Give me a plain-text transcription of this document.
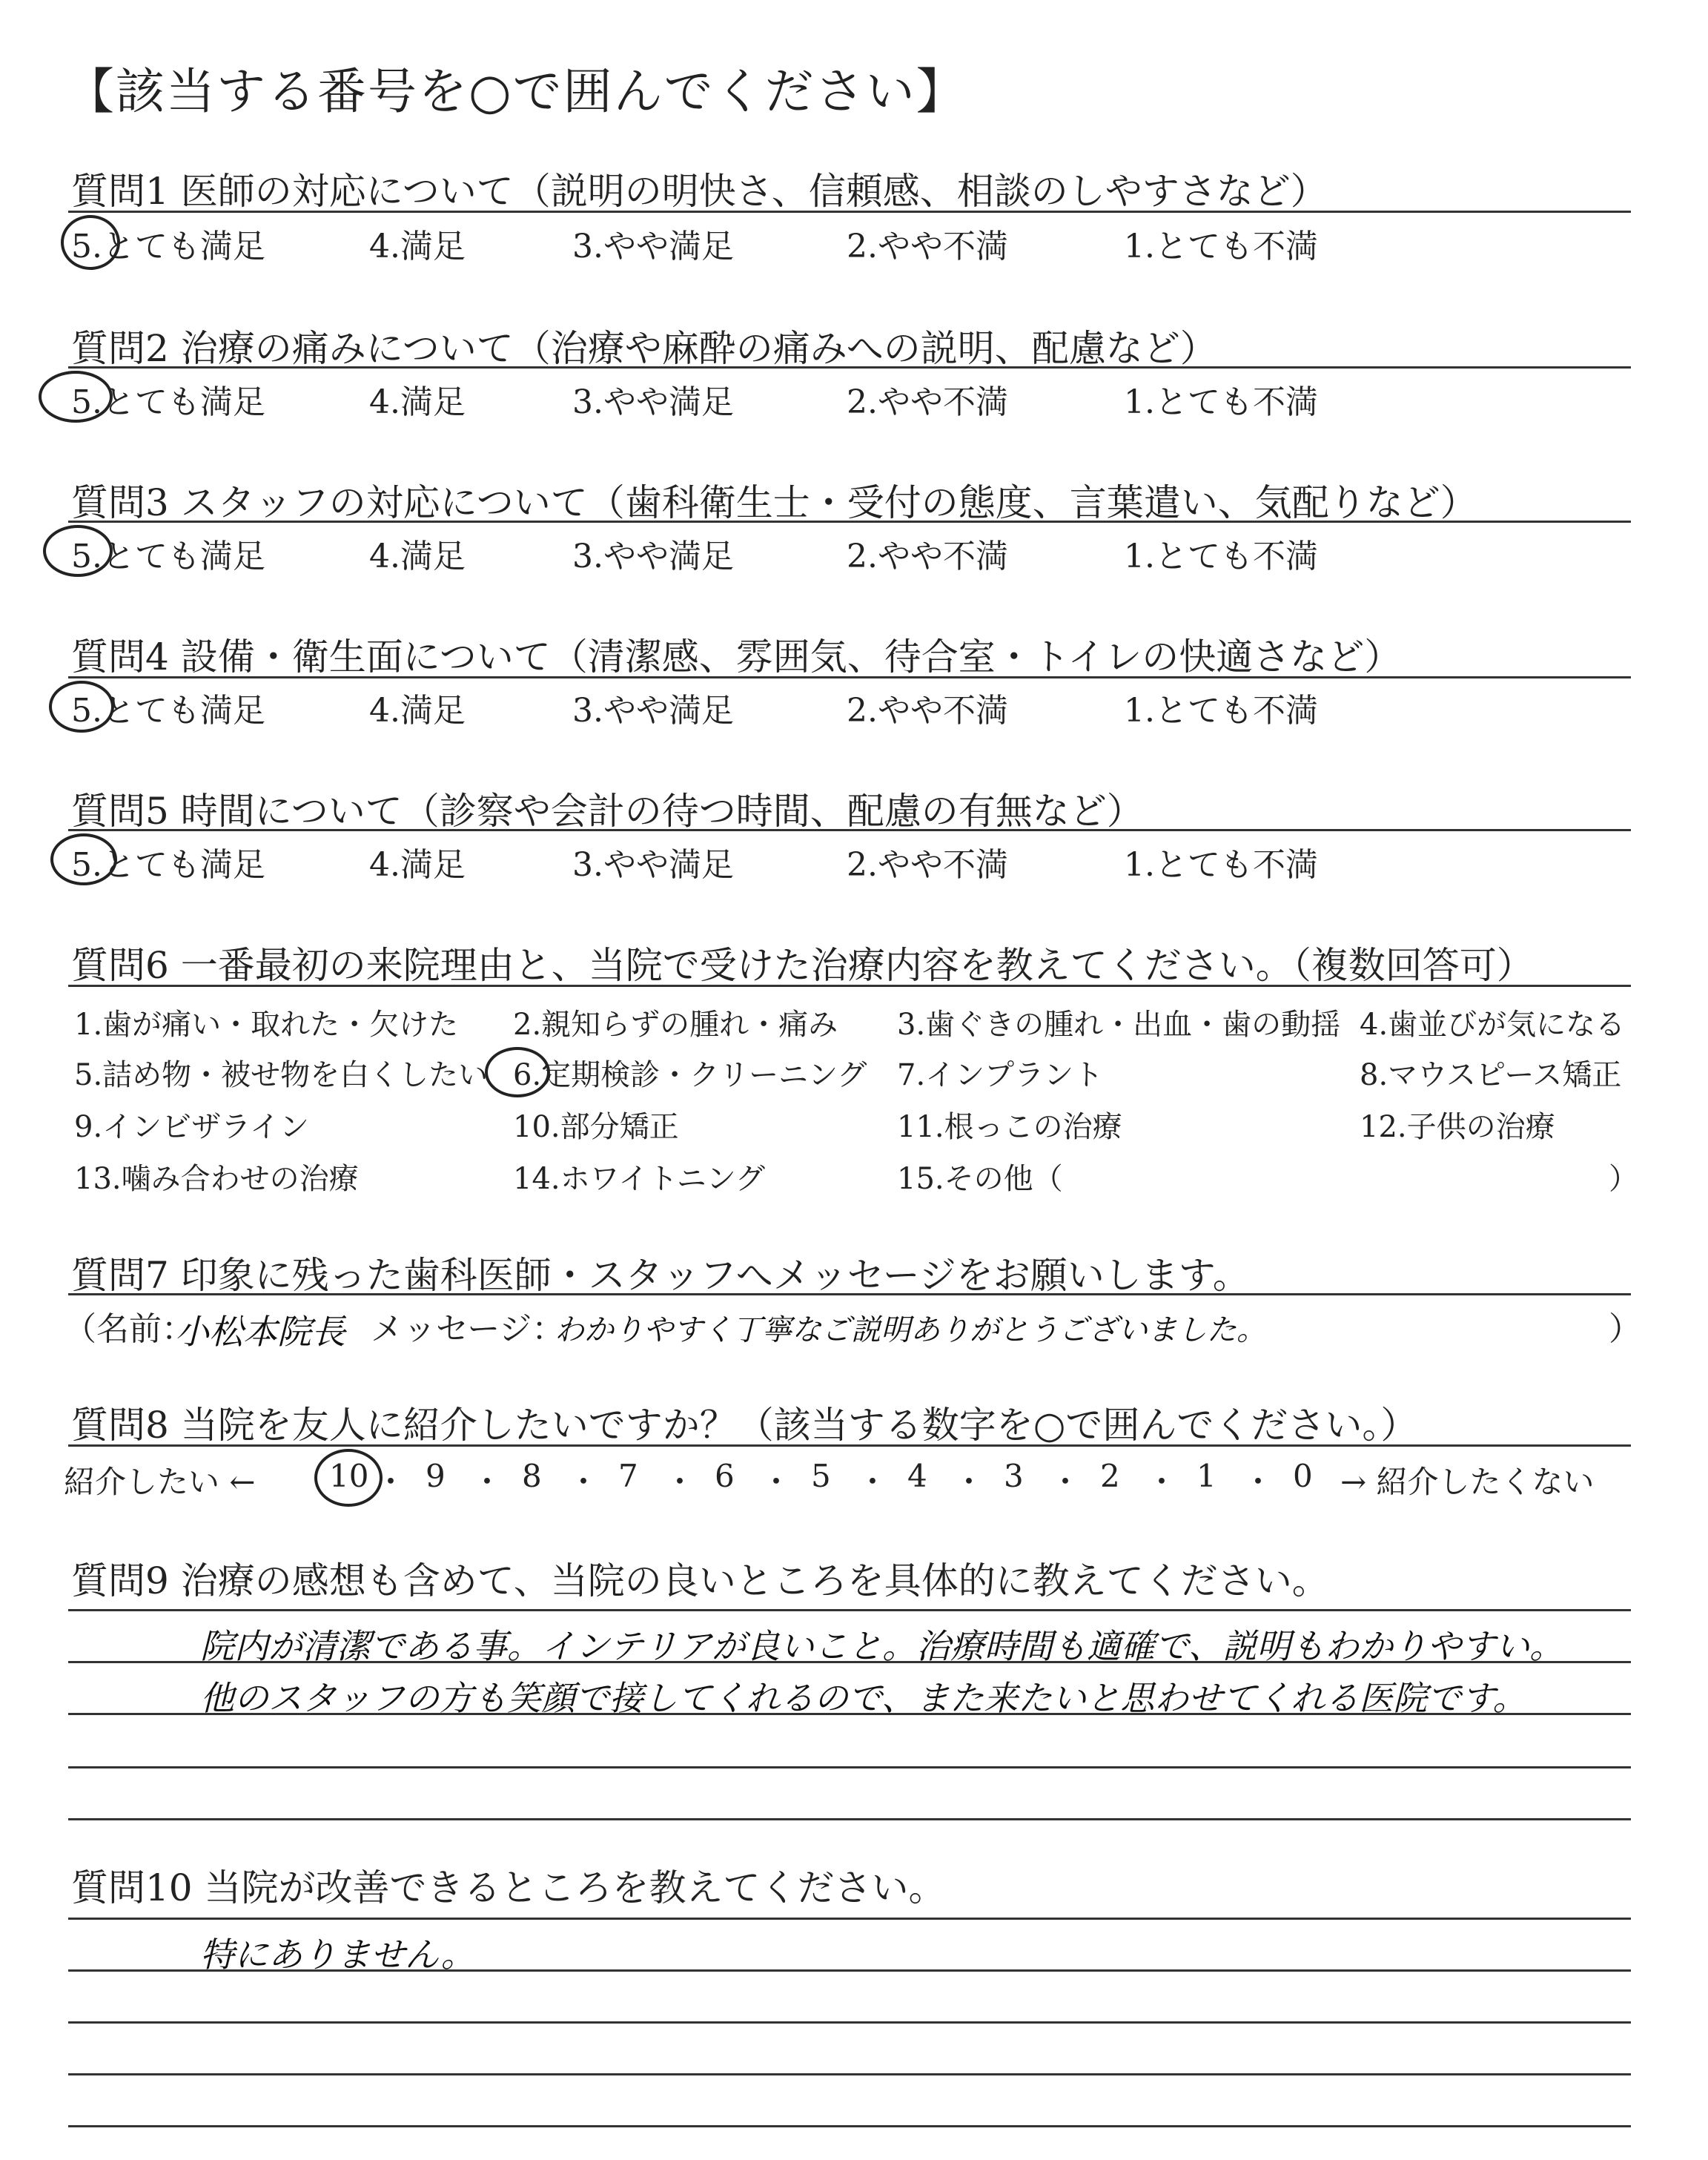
【該当する番号を○で囲んでください】
質問1 医師の対応について（説明の明快さ、信頼感、相談のしやすさなど）
5.とても満足	4.満足	3.やや満足	2.やや不満	1.とても不満
質問2 治療の痛みについて（治療や麻酔の痛みへの説明、配慮など）
5.とても満足	4.満足	3.やや満足	2.やや不満	1.とても不満
質問3 スタッフの対応について（歯科衛生士・受付の態度、言葉遣い、気配りなど）
5.とても満足	4.満足	3.やや満足	2.やや不満	1.とても不満
質問4 設備・衛生面について（清潔感、雰囲気、待合室・トイレの快適さなど）
5.とても満足	4.満足	3.やや満足	2.やや不満	1.とても不満
質問5 時間について（診察や会計の待つ時間、配慮の有無など）
5.とても満足	4.満足	3.やや満足	2.やや不満	1.とても不満
質問6 一番最初の来院理由と、当院で受けた治療内容を教えてください。（複数回答可）
1.歯が痛い・取れた・欠けた 2.親知らずの腫れ・痛み 3.歯ぐきの腫れ・出血・歯の動揺 4.歯並びが気になる
5.詰め物・被せ物を白くしたい 6.定期検診・クリーニング 7.インプラント	8.マウスピース矯正
9.インビザライン	10.部分矯正	11.根っこの治療	12.子供の治療
13.噛み合わせの治療	14.ホワイトニング	15.その他（	）
質問7 印象に残った歯科医師・スタッフへメッセージをお願いします。
（名前：
小松本院長 メッセージ：
わかりやすく丁寧なご説明ありがとうございました。	）
質問8 当院を友人に紹介したいですか？（該当する数字を○で囲んでください。）
紹介したい ← 10 ・ 9 ・ 8 ・ 7 ・ 6 ・ 5 ・ 4 ・ 3 ・ 2 ・ 1 ・ 0 → 紹介したくない
質問9 治療の感想も含めて、当院の良いところを具体的に教えてください。
院内が清潔である事。インテリアが良いこと。治療時間も適確で、説明もわかりやすい。
他のスタッフの方も笑顔で接してくれるので、また来たいと思わせてくれる医院です。
質問10 当院が改善できるところを教えてください。
特にありません。
